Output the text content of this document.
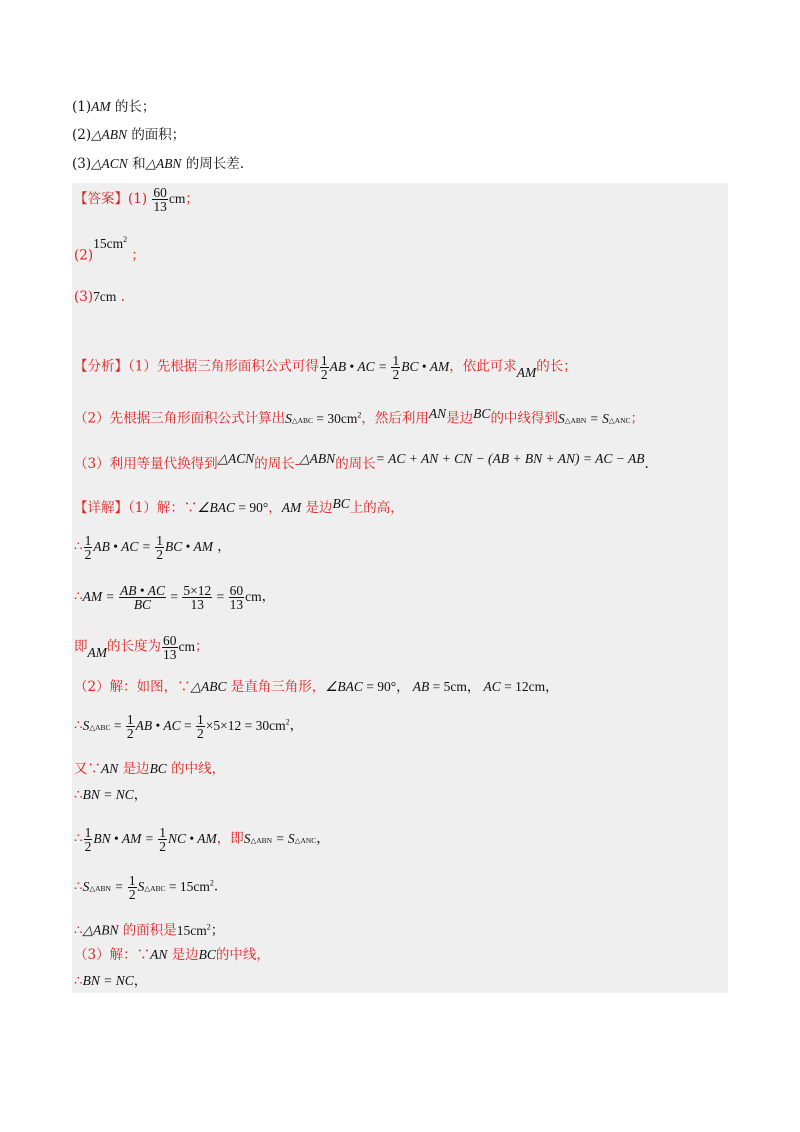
(1)AM 的长；
(2)△ABN 的面积；
(3)△ACN 和△ABN 的周长差.
【答案】$(1) \frac{60}{13}$ cm；
$(2)15cm^2$ ；
(3)7cm .
【分析】（1）先根据三角形面积公式可得 $\frac{1}{2}$ AB • AC = $\frac{1}{2}$ BC • AM，依此可求AM的长；
（2）先根据三角形面积公式计算出S△ABC = $30cm^2$，然后利用AN是边BC的中线得到S△ABN = S△ANC；
（3）利用等量代换得到△ACN的周长-△ABN的周长= AC + AN + CN − (AB + BN + AN) = AC − AB.
【详解】（1）解：∵∠BAC = 90°，AM 是边BC上的高，
∴ $\frac{1}{2}$ AB • AC = $\frac{1}{2}$ BC • AM ，
∴AM = $\frac{AB • AC}{BC} = \frac{5\times 12}{13} = \frac{60}{13}$ cm，
即AM的长度为 $\frac{60}{13}$ cm；
（2）解：如图，∵△ABC 是直角三角形，∠BAC = 90°， AB = 5cm， AC = 12cm，
∴S△ABC = $\frac{1}{2}$ AB • AC = $\frac{1}{2} \times 5\times 12 = 30cm^2$，
又∵AN 是边BC 的中线，
∴BN = NC，
∴ $\frac{1}{2}$ BN • AM = $\frac{1}{2}$ NC • AM，即S△ABN = S△ANC，
∴S△ABN = $\frac{1}{2}$ S△ABC = $15cm^2$.
∴△ABN 的面积是$15cm^2$；
（3）解：∵AN 是边BC的中线，
∴BN = NC，
